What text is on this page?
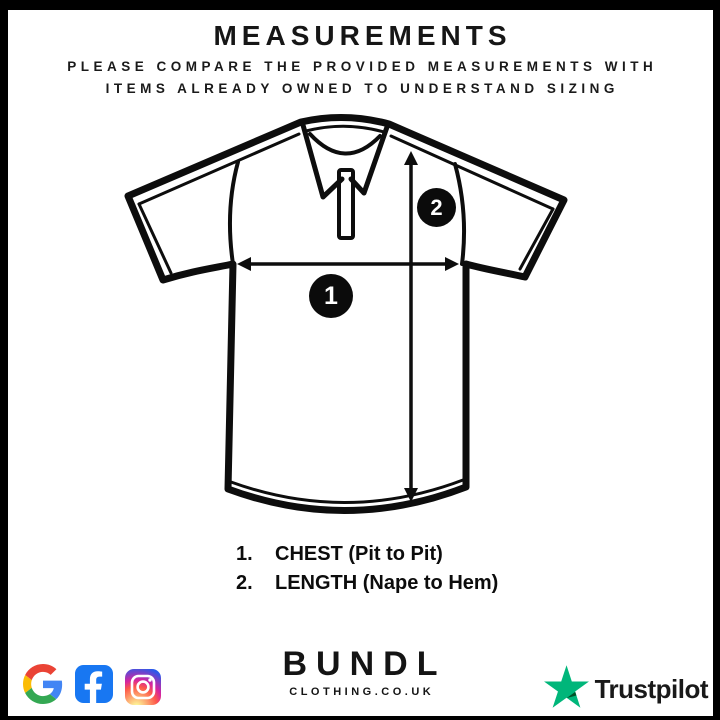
MEASUREMENTS
PLEASE COMPARE THE PROVIDED MEASUREMENTS WITH
ITEMS ALREADY OWNED TO UNDERSTAND SIZING
1
2
1. CHEST (Pit to Pit)
2. LENGTH (Nape to Hem)
BUNDL
CLOTHING.CO.UK	Trustpilot
